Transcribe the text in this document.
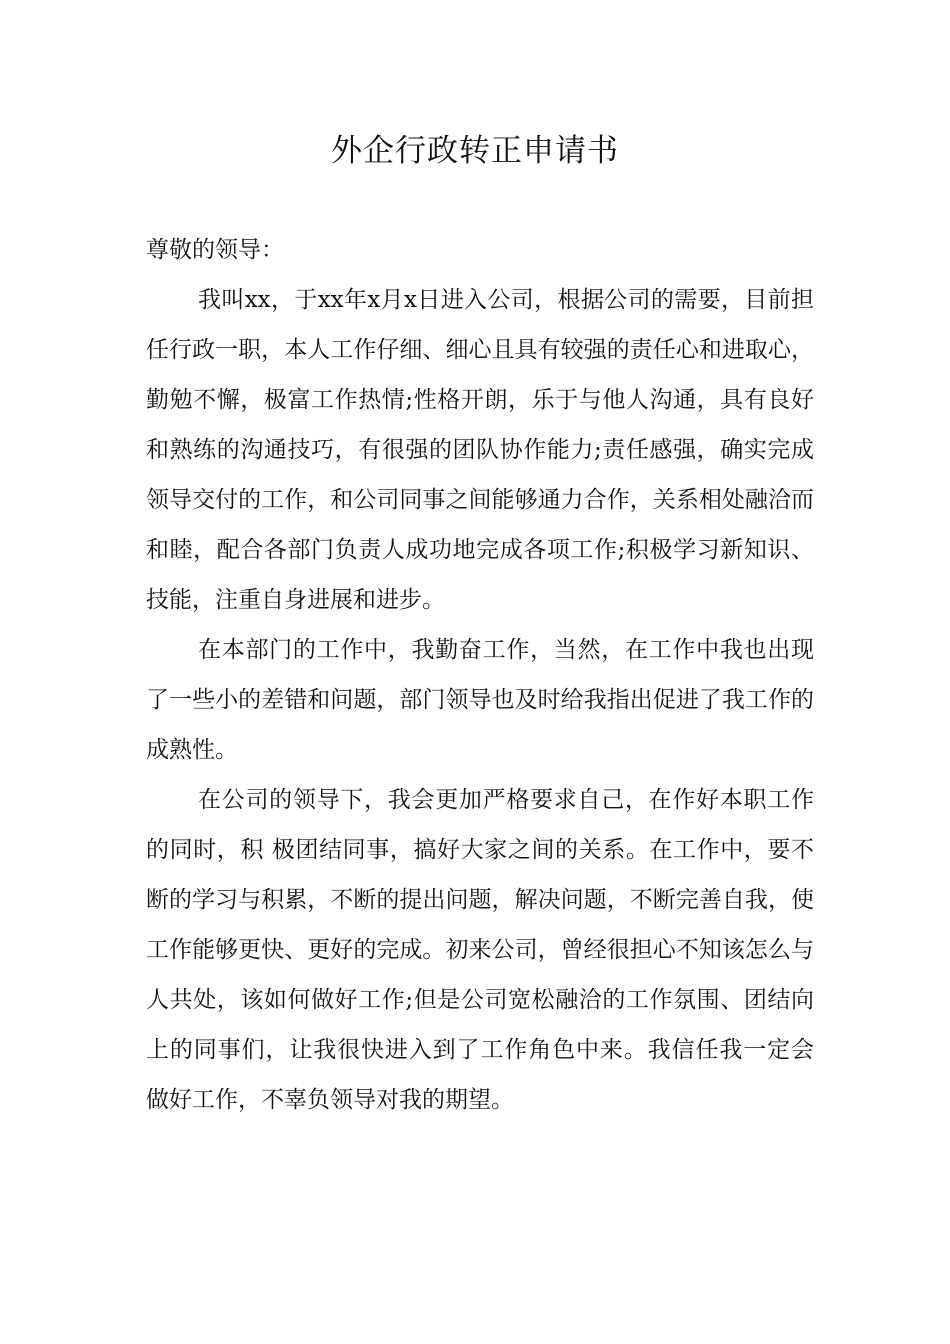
外企行政转正申请书

尊敬的领导：

我叫xx，于xx年x月x日进入公司，根据公司的需要，目前担任行政一职，本人工作仔细、细心且具有较强的责任心和进取心，勤勉不懈，极富工作热情;性格开朗，乐于与他人沟通，具有良好和熟练的沟通技巧，有很强的团队协作能力;责任感强，确实完成领导交付的工作，和公司同事之间能够通力合作，关系相处融洽而和睦，配合各部门负责人成功地完成各项工作;积极学习新知识、技能，注重自身进展和进步。

在本部门的工作中，我勤奋工作，当然，在工作中我也出现了一些小的差错和问题，部门领导也及时给我指出促进了我工作的成熟性。

在公司的领导下，我会更加严格要求自己，在作好本职工作的同时，积 极团结同事，搞好大家之间的关系。在工作中，要不断的学习与积累，不断的提出问题，解决问题，不断完善自我，使工作能够更快、更好的完成。初来公司，曾经很担心不知该怎么与人共处，该如何做好工作;但是公司宽松融洽的工作氛围、团结向上的同事们，让我很快进入到了工作角色中来。我信任我一定会 做好工作，不辜负领导对我的期望。
